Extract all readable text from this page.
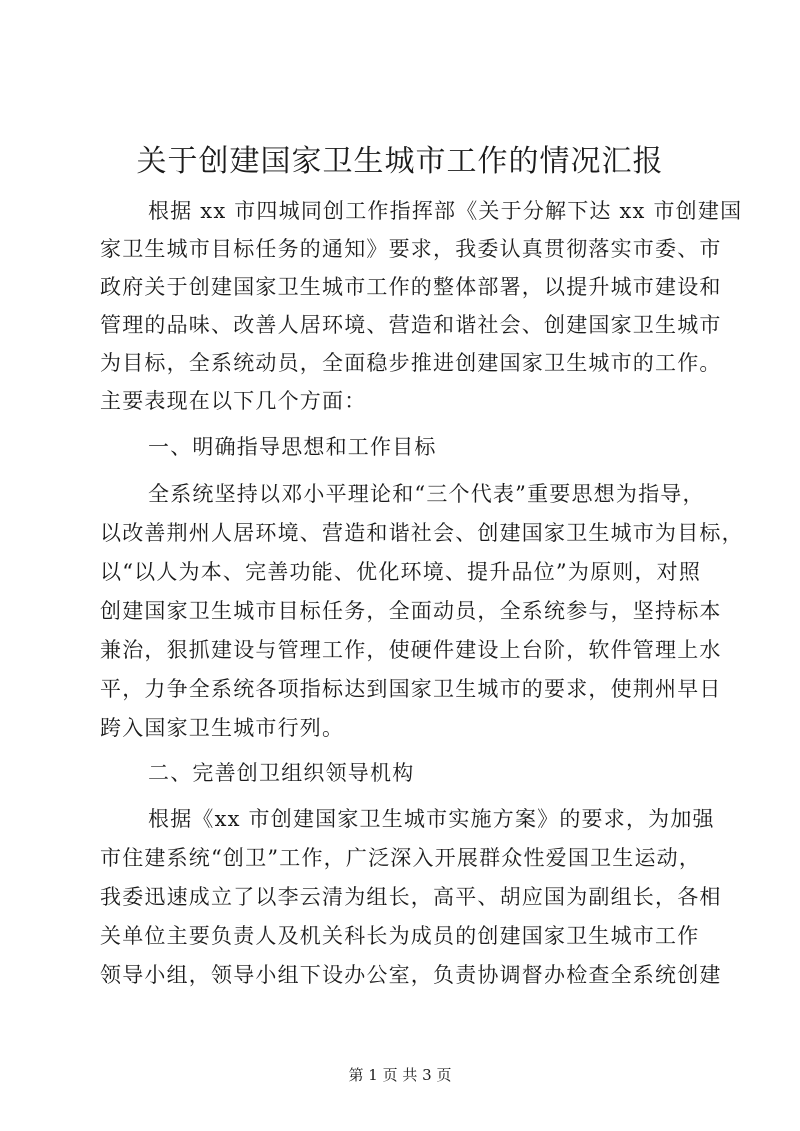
关于创建国家卫生城市工作的情况汇报
根据 xx 市四城同创工作指挥部《关于分解下达 xx 市创建国
家卫生城市目标任务的通知》要求，我委认真贯彻落实市委、市
政府关于创建国家卫生城市工作的整体部署，以提升城市建设和
管理的品味、改善人居环境、营造和谐社会、创建国家卫生城市
为目标，全系统动员，全面稳步推进创建国家卫生城市的工作。
主要表现在以下几个方面：
一、明确指导思想和工作目标
全系统坚持以邓小平理论和“三个代表”重要思想为指导，
以改善荆州人居环境、营造和谐社会、创建国家卫生城市为目标，
以“以人为本、完善功能、优化环境、提升品位”为原则，对照
创建国家卫生城市目标任务，全面动员，全系统参与，坚持标本
兼治，狠抓建设与管理工作，使硬件建设上台阶，软件管理上水
平，力争全系统各项指标达到国家卫生城市的要求，使荆州早日
跨入国家卫生城市行列。
二、完善创卫组织领导机构
根据《xx 市创建国家卫生城市实施方案》的要求，为加强
市住建系统“创卫”工作，广泛深入开展群众性爱国卫生运动，
我委迅速成立了以李云清为组长，高平、胡应国为副组长，各相
关单位主要负责人及机关科长为成员的创建国家卫生城市工作
领导小组，领导小组下设办公室，负责协调督办检查全系统创建
第 1 页 共 3 页
